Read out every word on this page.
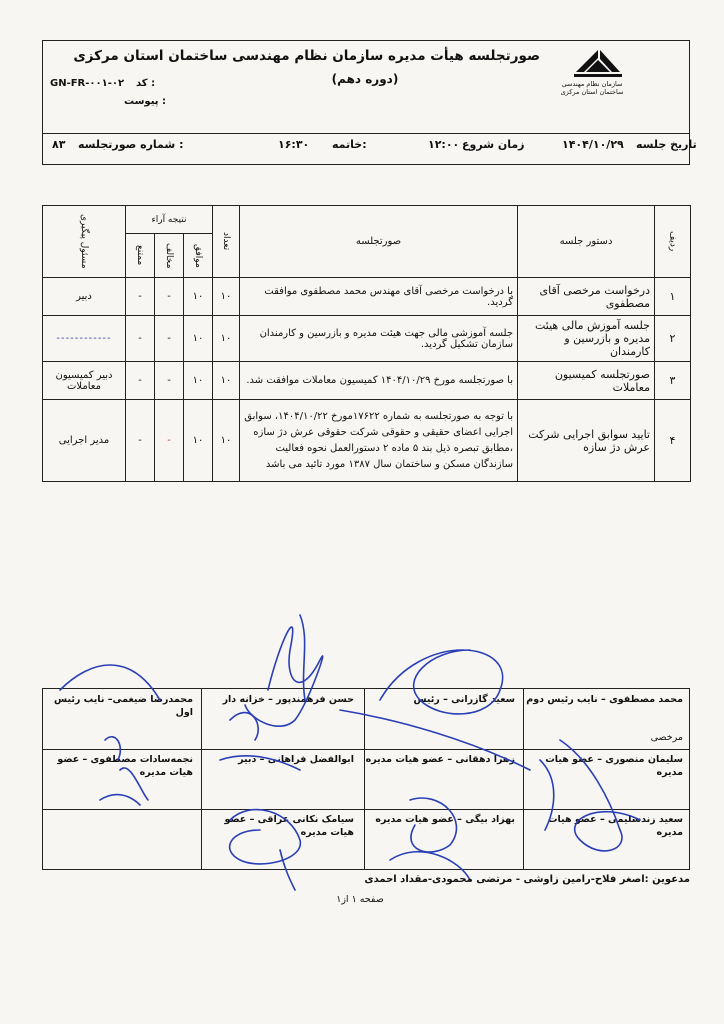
سازمان نظام مهندسی ساختمان استان مرکزی
صورتجلسه هیأت مدیره سازمان نظام مهندسی ساختمان استان مرکزی
(دوره دهم)
کد :
GN-FR-۰۰۱-۰۲
پیوست :
تاریخ جلسه
۱۴۰۴/۱۰/۲۹
زمان شروع
۱۲:۰۰
خاتمه:
۱۶:۳۰
شماره صورتجلسه :
۸۳
ردیف	دستور جلسه	صورتجلسه	تعداد	نتیجه آراء			مسئول پیگیری

				موافق	مخالف	ممتنع	

۱	درخواست مرخصی آقای مصطفوی	با درخواست مرخصی آقای مهندس محمد مصطفوی موافقت گردید.	۱۰	۱۰	-	-	دبیر
۲	جلسه آموزش مالی هیئت مدیره و بازرسین و کارمندان	جلسه آموزشی مالی جهت هیئت مدیره و بازرسین و کارمندان سازمان تشکیل گردید.	۱۰	۱۰	-	-	------------
۳	صورتجلسه کمیسیون معاملات	با صورتجلسه مورخ ۱۴۰۴/۱۰/۲۹ کمیسیون معاملات موافقت شد.	۱۰	۱۰	-	-	دبیر کمیسیون معاملات
۴	تایید سوابق اجرایی شرکت عرش دژ سازه	با توجه به صورتجلسه به شماره ۱۷۶۲۲مورخ ۱۴۰۴/۱۰/۲۲، سوابق اجرایی اعضای حقیقی و حقوقی شرکت حقوقی عرش دژ سازه ،مطابق تبصره ذیل بند ۵ ماده ۲ دستورالعمل نحوه فعالیت سازندگان مسکن و ساختمان سال ۱۳۸۷ مورد تائید می باشد	۱۰	۱۰	-	-	مدیر اجرایی
محمد مصطفوی – نایب رئیس دوم
مرخصی
سعید گازرانی – رئیس
حسن فرهمندپور – خزانه دار
محمدرضا ضیغمی– نایب رئیس اول
سلیمان منصوری – عضو هیات مدیره
زهرا دهقانی – عضو هیات مدیره
ابوالفضل فراهانی – دبیر
نجمه‌سادات مصطفوی – عضو هیات مدیره
سعید زندسلیمی – عضو هیات مدیره
بهزاد بیگی – عضو هیات مدیره
سیامک نکانی عراقی – عضو هیات مدیره
مدعوین :اصغر فلاح-رامین زاوشی - مرتضی محمودی-مقداد احمدی
صفحه ۱ از۱
